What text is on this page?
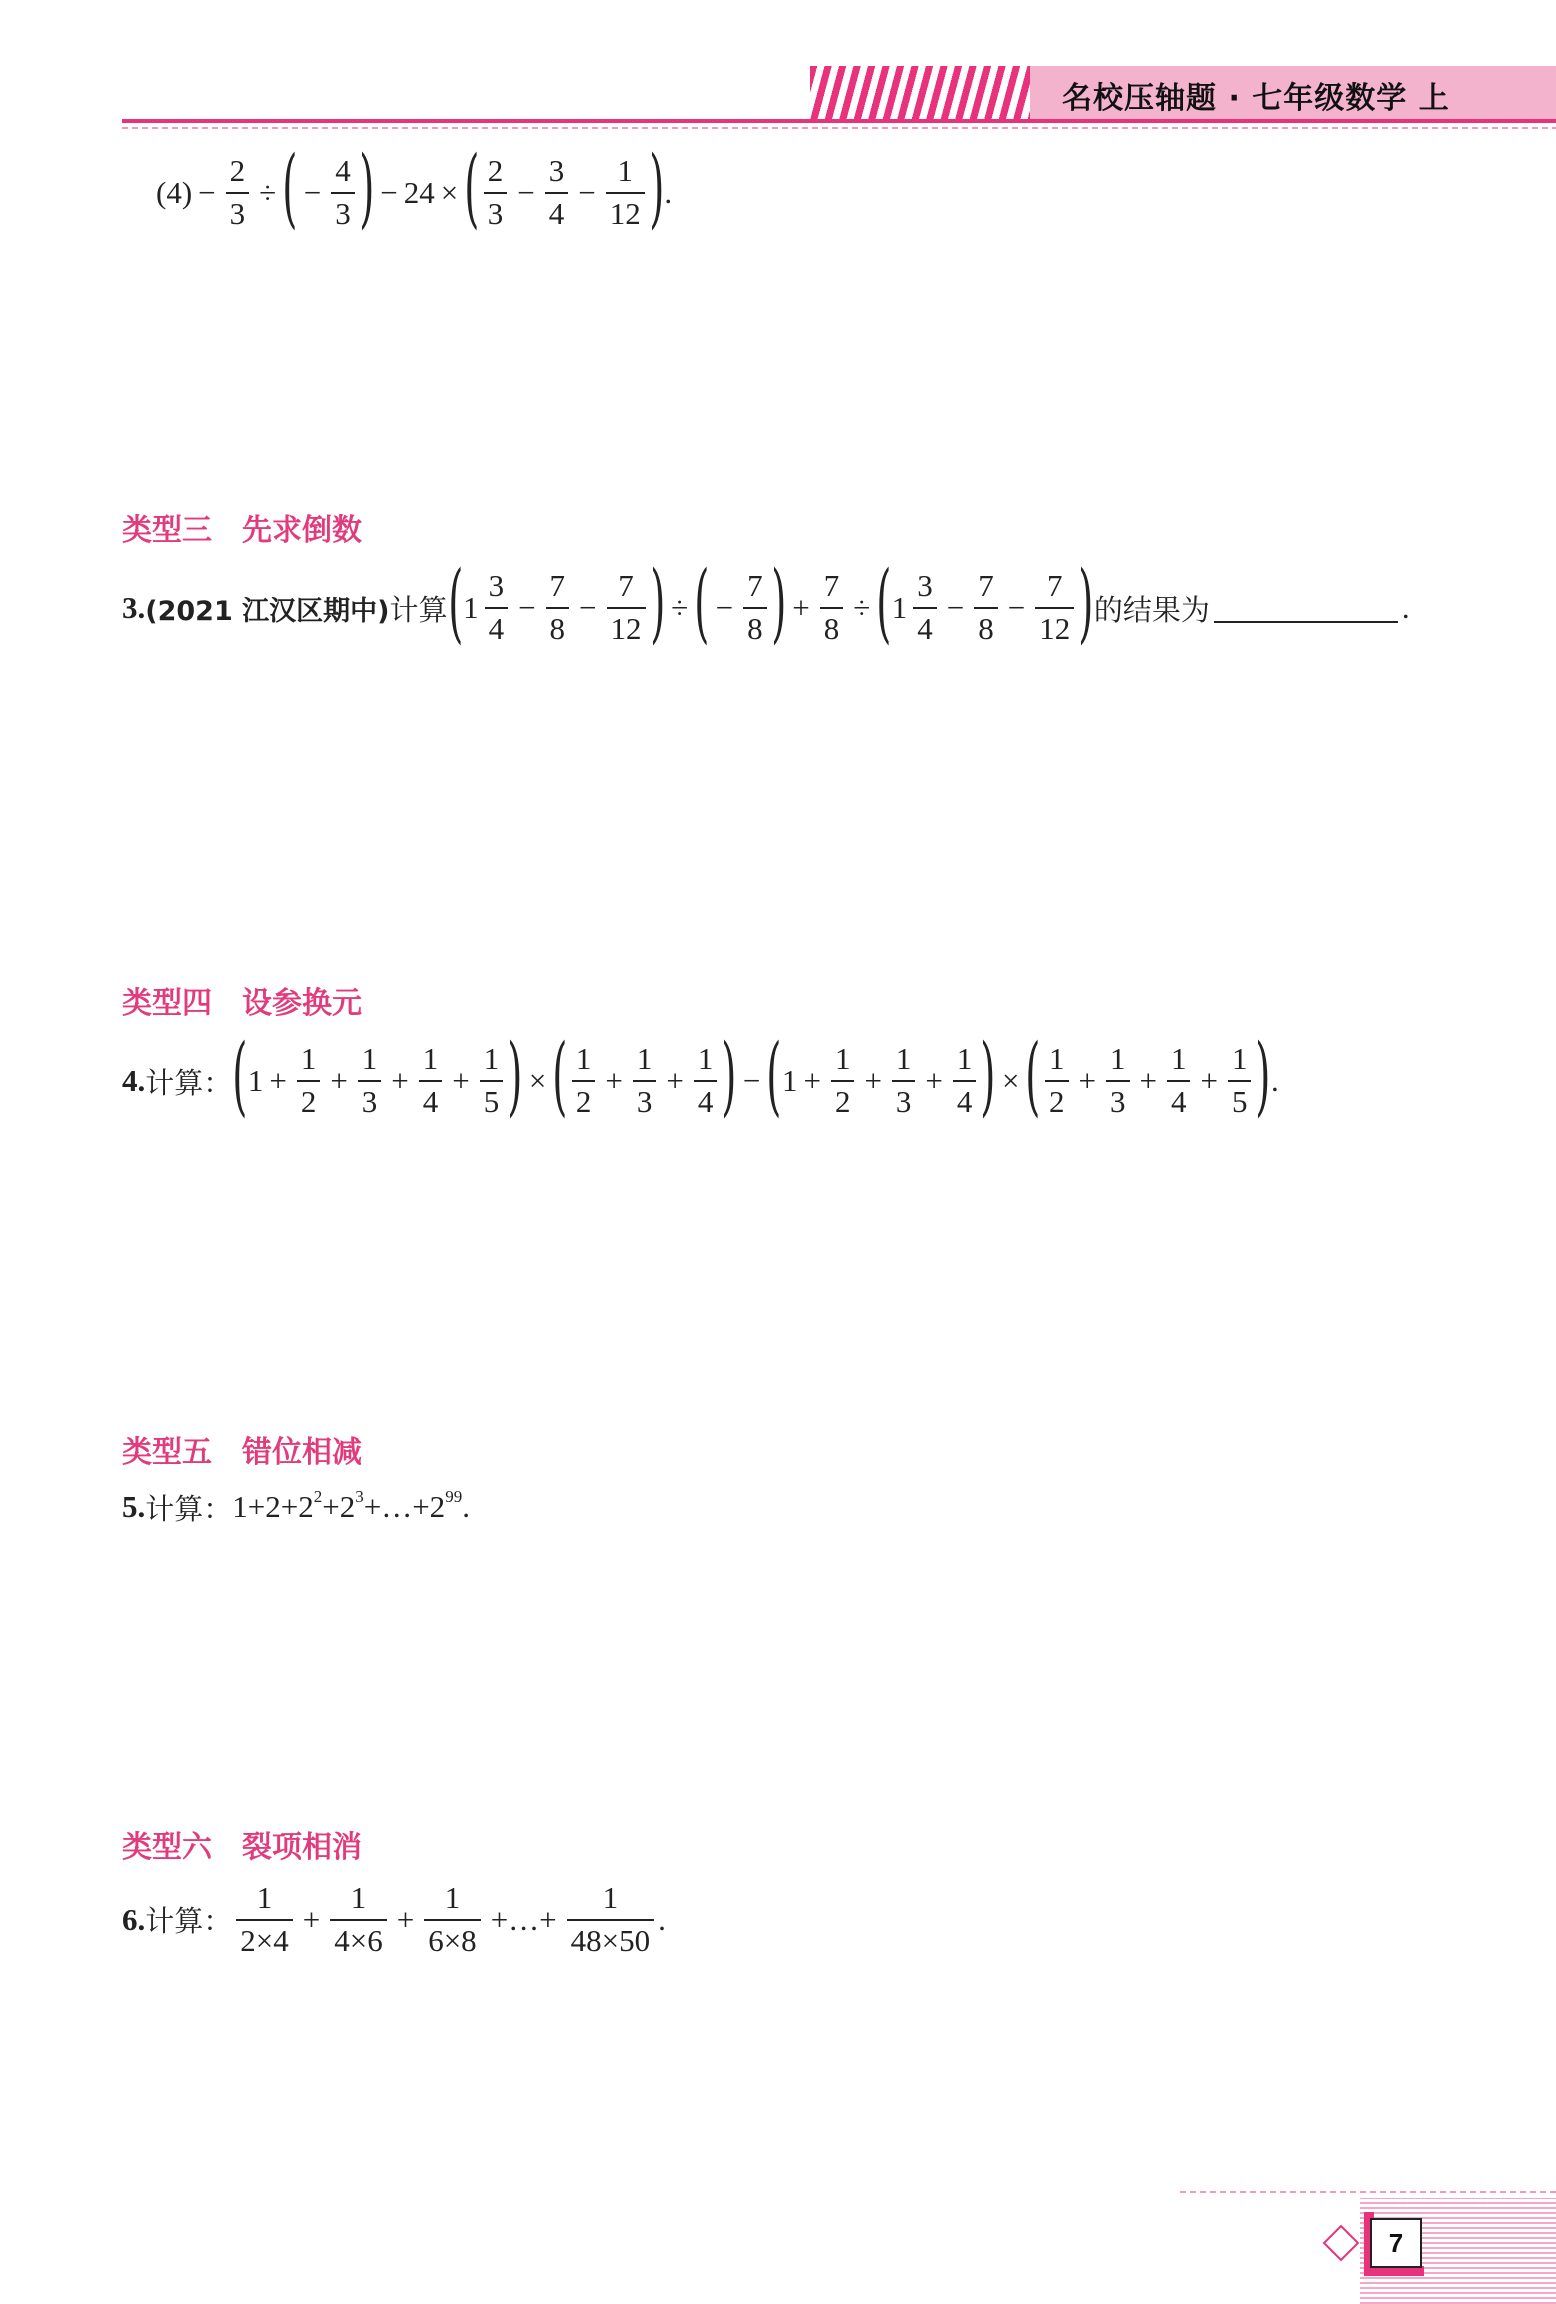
名校压轴题 · 七年级数学 上
$(4) - \frac{2}{3}$ ÷ ( − $\frac{4}{3}$ ) − 24 × ( $\frac{2}{3} - \frac{3}{4} - \frac{1}{12}$ ) .
类型三　先求倒数
3 . (2021 江汉区期中) 计算 ( $1 \frac{3}{4} - \frac{7}{8} - \frac{7}{12}$ ) ÷ ( − $\frac{7}{8}$ ) + $\frac{7}{8}$ ÷ ( $1 \frac{3}{4} - \frac{7}{8} - \frac{7}{12}$ ) 的结果为	.
类型四　设参换元
4 . 计算： ( $1 + \frac{1}{2} + \frac{1}{3} + \frac{1}{4} + \frac{1}{5}$ ) × ( $\frac{1}{2} + \frac{1}{3} + \frac{1}{4}$ ) − ( $1 + \frac{1}{2} + \frac{1}{3} + \frac{1}{4}$ ) × ( $\frac{1}{2} + \frac{1}{3} + \frac{1}{4} + \frac{1}{5}$ ) .
类型五　错位相减
5 . 计算： $1+2+2^2 +2^3$ $+\dots+2^{99}$ .
类型六　裂项相消
6 . 计算： $\frac{1}{2\times 4} + \frac{1}{4\times 6} + \frac{1}{6\times 8}$ +…+ $\frac{1}{48\times 50}$ .
7
